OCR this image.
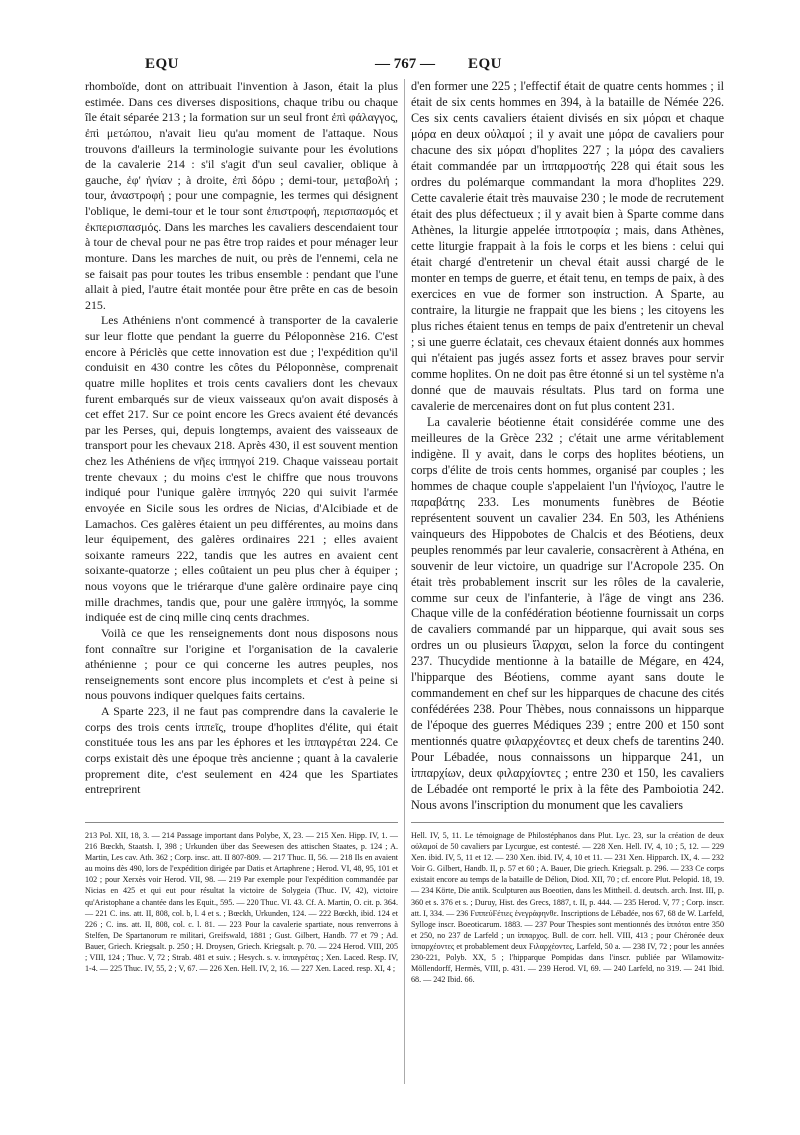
EQU	— 767 —	EQU

rhomboïde, dont on attribuait l'invention à Jason, était la plus estimée. Dans ces diverses dispositions, chaque tribu ou chaque île était séparée 213 ; la formation sur un seul front ἐπὶ φάλαγγος, ἐπὶ μετώπου, n'avait lieu qu'au moment de l'attaque. Nous trouvons d'ailleurs la terminologie suivante pour les évolutions de la cavalerie 214 : s'il s'agit d'un seul cavalier, oblique à gauche, ἐφ' ἡνίαν ; à droite, ἐπὶ δόρυ ; demi-tour, μεταβολή ; tour, ἀναστροφή ; pour une compagnie, les termes qui désignent l'oblique, le demi-tour et le tour sont ἐπιστροφή, περισπασμός et ἐκπερισπασμός. Dans les marches les cavaliers descendaient tour à tour de cheval pour ne pas être trop raides et pour ménager leur monture. Dans les marches de nuit, ou près de l'ennemi, cela ne se faisait pas pour toutes les tribus ensemble : pendant que l'une allait à pied, l'autre était montée pour être prête en cas de besoin 215.

Les Athéniens n'ont commencé à transporter de la cavalerie sur leur flotte que pendant la guerre du Péloponnèse 216. C'est encore à Périclès que cette innovation est due ; l'expédition qu'il conduisit en 430 contre les côtes du Péloponnèse, comprenait quatre mille hoplites et trois cents cavaliers dont les chevaux furent embarqués sur de vieux vaisseaux qu'on avait disposés à cet effet 217. Sur ce point encore les Grecs avaient été devancés par les Perses, qui, depuis longtemps, avaient des vaisseaux de transport pour les chevaux 218. Après 430, il est souvent mention chez les Athéniens de νῆες ἱππηγοί 219. Chaque vaisseau portait trente chevaux ; du moins c'est le chiffre que nous trouvons indiqué pour l'unique galère ἱππηγός 220 qui suivit l'armée envoyée en Sicile sous les ordres de Nicias, d'Alcibiade et de Lamachos. Ces galères étaient un peu différentes, au moins dans leur équipement, des galères ordinaires 221 ; elles avaient soixante rameurs 222, tandis que les autres en avaient cent soixante-quatorze ; elles coûtaient un peu plus cher à équiper ; nous voyons que le triérarque d'une galère ordinaire paye cinq mille drachmes, tandis que, pour une galère ἱππηγός, la somme indiquée est de cinq mille cinq cents drachmes.

Voilà ce que les renseignements dont nous disposons nous font connaître sur l'origine et l'organisation de la cavalerie athénienne ; pour ce qui concerne les autres peuples, nos renseignements sont encore plus incomplets et c'est à peine si nous pouvons indiquer quelques faits certains.

A Sparte 223, il ne faut pas comprendre dans la cavalerie le corps des trois cents ἱππεῖς, troupe d'hoplites d'élite, qui était constituée tous les ans par les éphores et les ἱππαγρέται 224. Ce corps existait dès une époque très ancienne ; quant à la cavalerie proprement dite, c'est seulement en 424 que les Spartiates entreprirent

d'en former une 225 ; l'effectif était de quatre cents hommes ; il était de six cents hommes en 394, à la bataille de Némée 226. Ces six cents cavaliers étaient divisés en six μόραι et chaque μόρα en deux οὐλαμοί ; il y avait une μόρα de cavaliers pour chacune des six μόραι d'hoplites 227 ; la μόρα des cavaliers était commandée par un ἱππαρμοστής 228 qui était sous les ordres du polémarque commandant la mora d'hoplites 229. Cette cavalerie était très mauvaise 230 ; le mode de recrutement était des plus défectueux ; il y avait bien à Sparte comme dans Athènes, la liturgie appelée ἱπποτροφία ; mais, dans Athènes, cette liturgie frappait à la fois le corps et les biens : celui qui était chargé d'entretenir un cheval était aussi chargé de le monter en temps de guerre, et était tenu, en temps de paix, à des exercices en vue de former son instruction. A Sparte, au contraire, la liturgie ne frappait que les biens ; les citoyens les plus riches étaient tenus en temps de paix d'entretenir un cheval ; si une guerre éclatait, ces chevaux étaient donnés aux hommes qui n'étaient pas jugés assez forts et assez braves pour servir comme hoplites. On ne doit pas être étonné si un tel système n'a donné que de mauvais résultats. Plus tard on forma une cavalerie de mercenaires dont on fut plus content 231.

La cavalerie béotienne était considérée comme une des meilleures de la Grèce 232 ; c'était une arme véritablement indigène. Il y avait, dans le corps des hoplites béotiens, un corps d'élite de trois cents hommes, organisé par couples ; les hommes de chaque couple s'appelaient l'un l'ἡνίοχος, l'autre le παραβάτης 233. Les monuments funèbres de Béotie représentent souvent un cavalier 234. En 503, les Athéniens vainqueurs des Hippobotes de Chalcis et des Béotiens, deux peuples renommés par leur cavalerie, consacrèrent à Athéna, en souvenir de leur victoire, un quadrige sur l'Acropole 235. On était très probablement inscrit sur les rôles de la cavalerie, comme sur ceux de l'infanterie, à l'âge de vingt ans 236. Chaque ville de la confédération béotienne fournissait un corps de cavaliers commandé par un hipparque, qui avait sous ses ordres un ou plusieurs ἴλαρχαι, selon la force du contingent 237. Thucydide mentionne à la bataille de Mégare, en 424, l'hipparque des Béotiens, comme ayant sans doute le commandement en chef sur les hipparques de chacune des cités confédérées 238. Pour Thèbes, nous connaissons un hipparque de l'époque des guerres Médiques 239 ; entre 200 et 150 sont mentionnés quatre φιλαρχέοντες et deux chefs de tarentins 240. Pour Lébadée, nous connaissons un hipparque 241, un ἱππαρχίων, deux φιλαρχίοντες ; entre 230 et 150, les cavaliers de Lébadée ont remporté le prix à la fête des Pamboiotia 242. Nous avons l'inscription du monument que les cavaliers

213 Pol. XII, 18, 3. — 214 Passage important dans Polybe, X, 23. — 215 Xen. Hipp. IV, 1. — 216 Bœckh, Staatsh. I, 398 ; Urkunden über das Seewesen des attischen Staates, p. 124 ; A. Martin, Les cav. Ath. 362 ; Corp. insc. att. II 807-809. — 217 Thuc. II, 56. — 218 Ils en avaient au moins dès 490, lors de l'expédition dirigée par Datis et Artaphrene ; Herod. VI, 48, 95, 101 et 102 ; pour Xerxès voir Herod. VII, 98. — 219 Par exemple pour l'expédition commandée par Nicias en 425 et qui eut pour résultat la victoire de Solygeia (Thuc. IV, 42), victoire qu'Aristophane a chantée dans les Equit., 595. — 220 Thuc. VI. 43. Cf. A. Martin, O. cit. p. 364. — 221 C. ins. att. II, 808, col. b, l. 4 et s. ; Bœckh, Urkunden, 124. — 222 Bœckh, ibid. 124 et 226 ; C. ins. att. II, 808, col. c. l. 81. — 223 Pour la cavalerie spartiate, nous renverrons à Stelfen, De Spartanorum re militari, Greifswald, 1881 ; Gust. Gilbert, Handb. 77 et 79 ; Ad. Bauer, Griech. Kriegsalt. p. 250 ; H. Droysen, Griech. Kriegsalt. p. 70. — 224 Herod. VIII, 205 ; VIII, 124 ; Thuc. V, 72 ; Strab. 481 et suiv. ; Hesych. s. v. ἱππαγρέτας ; Xen. Laced. Resp. IV, 1-4. — 225 Thuc. IV, 55, 2 ; V, 67. — 226 Xen. Hell. IV, 2, 16. — 227 Xen. Laced. resp. XI, 4 ;

Hell. IV, 5, 11. Le témoignage de Philostéphanos dans Plut. Lyc. 23, sur la création de deux οὐλαμοί de 50 cavaliers par Lycurgue, est contesté. — 228 Xen. Hell. IV, 4, 10 ; 5, 12. — 229 Xen. ibid. IV, 5, 11 et 12. — 230 Xen. ibid. IV, 4, 10 et 11. — 231 Xen. Hipparch. IX, 4. — 232 Voir G. Gilbert, Handb. II, p. 57 et 60 ; A. Bauer, Die griech. Kriegsalt. p. 296. — 233 Ce corps existait encore au temps de la bataille de Délion, Diod. XII, 70 ; cf. encore Plut. Pelopid. 18, 19. — 234 Körte, Die antik. Sculpturen aus Boeotien, dans les Mittheil. d. deutsch. arch. Inst. III, p. 360 et s. 376 et s. ; Duruy, Hist. des Grecs, 1887, t. II, p. 444. — 235 Herod. V, 77 ; Corp. inscr. att. I, 334. — 236 ϜιππεύϜέτιες ἐνεγράφηνθε. Inscriptions de Lébadée, nos 67, 68 de W. Larfeld, Sylloge inscr. Boeoticarum. 1883. — 237 Pour Thespies sont mentionnés des ἱππόται entre 350 et 250, no 237 de Larfeld ; un ἱππαρχος. Bull. de corr. hell. VIII, 413 ; pour Chéronée deux ἱππαρχέοντες et probablement deux Ϝιλαρχέοντες, Larfeld, 50 a. — 238 IV, 72 ; pour les années 230-221, Polyb. XX, 5 ; l'hipparque Pompidas dans l'inscr. publiée par Wilamowitz-Möllendorff, Hermès, VIII, p. 431. — 239 Herod. VI, 69. — 240 Larfeld, no 319. — 241 Ibid. 68. — 242 Ibid. 66.
